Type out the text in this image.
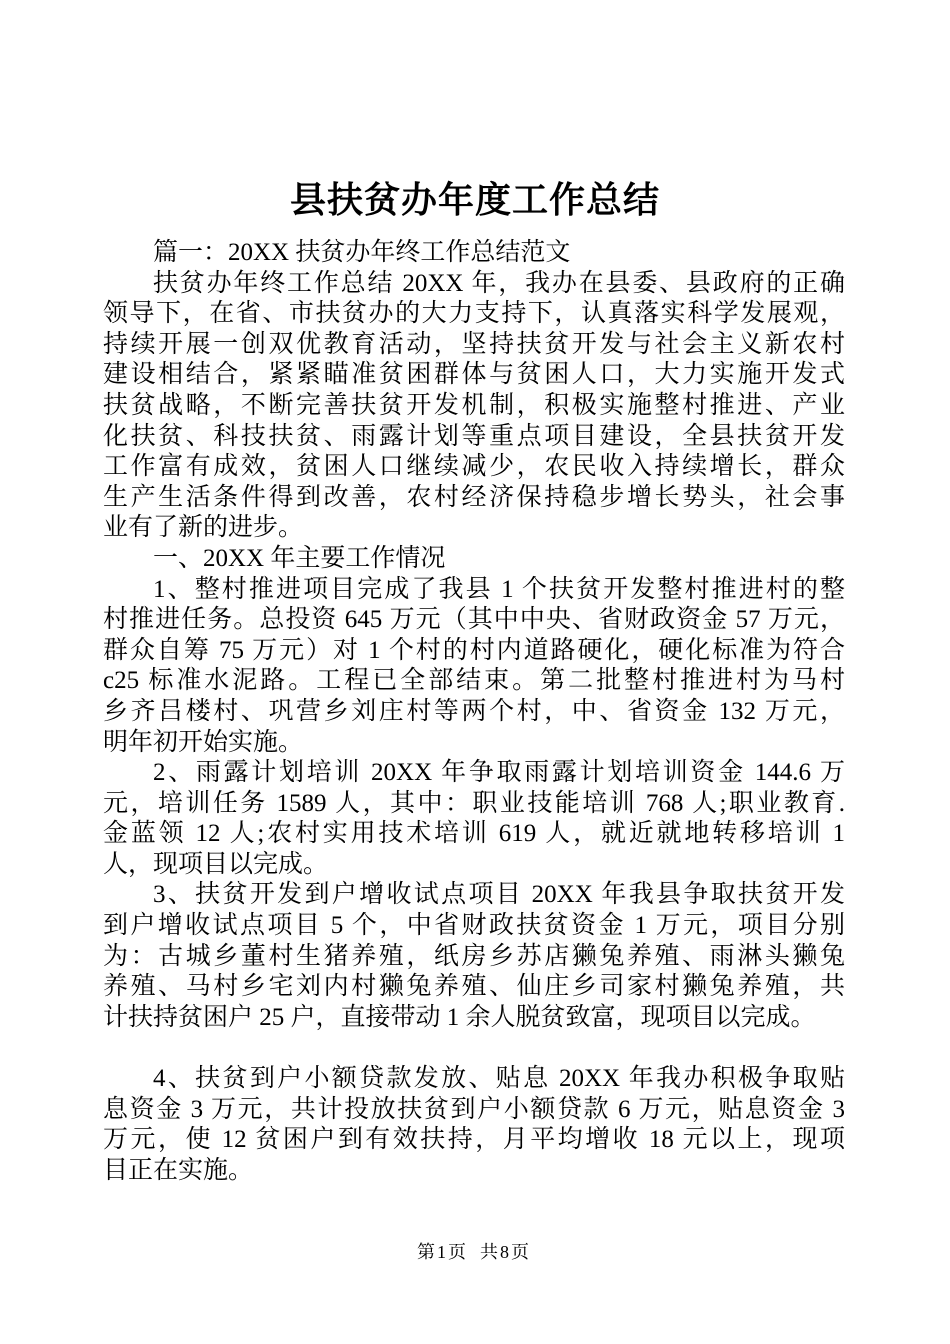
县扶贫办年度工作总结
篇一：20XX 扶贫办年终工作总结范文
扶贫办年终工作总结 20XX 年，我办在县委、县政府的正确
领导下，在省、市扶贫办的大力支持下，认真落实科学发展观，
持续开展一创双优教育活动，坚持扶贫开发与社会主义新农村
建设相结合，紧紧瞄准贫困群体与贫困人口，大力实施开发式
扶贫战略，不断完善扶贫开发机制，积极实施整村推进、产业
化扶贫、科技扶贫、雨露计划等重点项目建设，全县扶贫开发
工作富有成效，贫困人口继续减少，农民收入持续增长，群众
生产生活条件得到改善，农村经济保持稳步增长势头，社会事
业有了新的进步。
一、20XX 年主要工作情况
1、整村推进项目完成了我县 1 个扶贫开发整村推进村的整
村推进任务。总投资 645 万元（其中中央、省财政资金 57 万元，
群众自筹 75 万元）对 1 个村的村内道路硬化，硬化标准为符合
c25 标准水泥路。工程已全部结束。第二批整村推进村为马村
乡齐吕楼村、巩营乡刘庄村等两个村，中、省资金 132 万元，
明年初开始实施。
2、雨露计划培训 20XX 年争取雨露计划培训资金 144.6 万
元，培训任务 1589 人，其中：职业技能培训 768 人;职业教育.
金蓝领 12 人;农村实用技术培训 619 人，就近就地转移培训 1
人，现项目以完成。
3、扶贫开发到户增收试点项目 20XX 年我县争取扶贫开发
到户增收试点项目 5 个，中省财政扶贫资金 1 万元，项目分别
为：古城乡董村生猪养殖，纸房乡苏店獭兔养殖、雨淋头獭兔
养殖、马村乡宅刘内村獭兔养殖、仙庄乡司家村獭兔养殖，共
计扶持贫困户 25 户，直接带动 1 余人脱贫致富，现项目以完成。
4、扶贫到户小额贷款发放、贴息 20XX 年我办积极争取贴
息资金 3 万元，共计投放扶贫到户小额贷款 6 万元，贴息资金 3
万元，使 12 贫困户到有效扶持，月平均增收 18 元以上，现项
目正在实施。
第1页 共8页
